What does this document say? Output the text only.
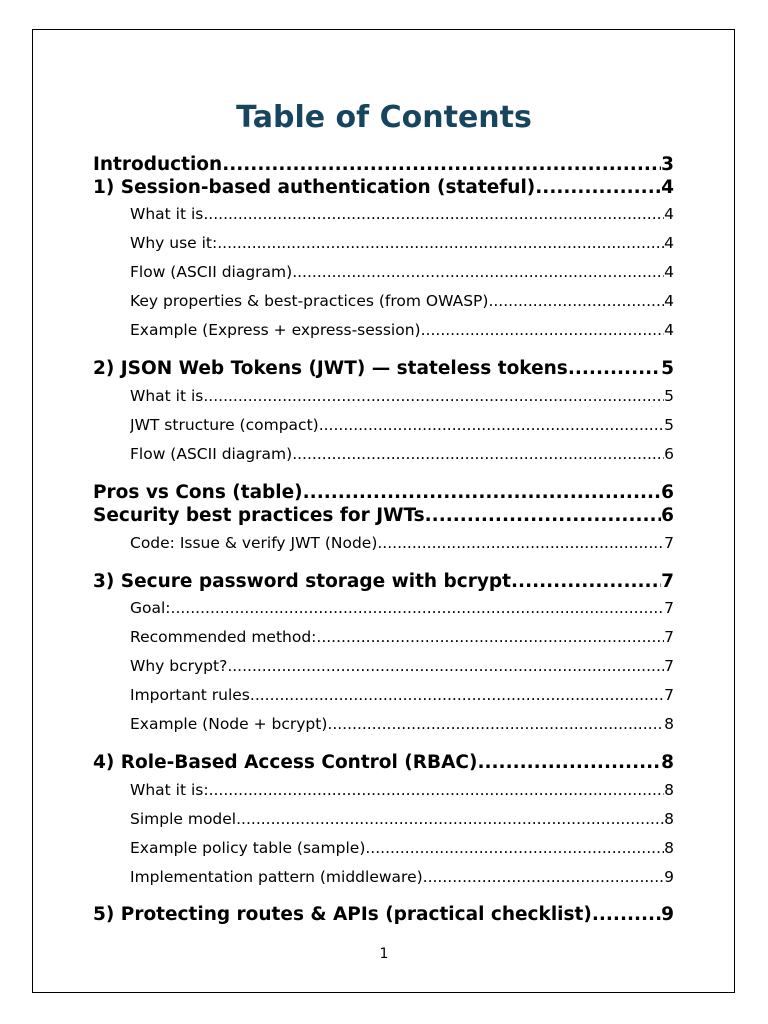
Table of Contents
Introduction .....	3
1) Session-based authentication (stateful) .....	4
What it is .....	4
Why use it: .....	4
Flow (ASCII diagram) .....	4
Key properties & best-practices (from OWASP) .....	4
Example (Express + express-session) .....	4
2) JSON Web Tokens (JWT) — stateless tokens .....	5
What it is .....	5
JWT structure (compact) .....	5
Flow (ASCII diagram) .....	6
Pros vs Cons (table) .....	6
Security best practices for JWTs .....	6
Code: Issue & verify JWT (Node) .....	7
3) Secure password storage with bcrypt .....	7
Goal: .....	7
Recommended method: .....	7
Why bcrypt? .....	7
Important rules .....	7
Example (Node + bcrypt) .....	8
4) Role-Based Access Control (RBAC) .....	8
What it is: .....	8
Simple model .....	8
Example policy table (sample) .....	8
Implementation pattern (middleware) .....	9
5) Protecting routes & APIs (practical checklist) .....	9
1
